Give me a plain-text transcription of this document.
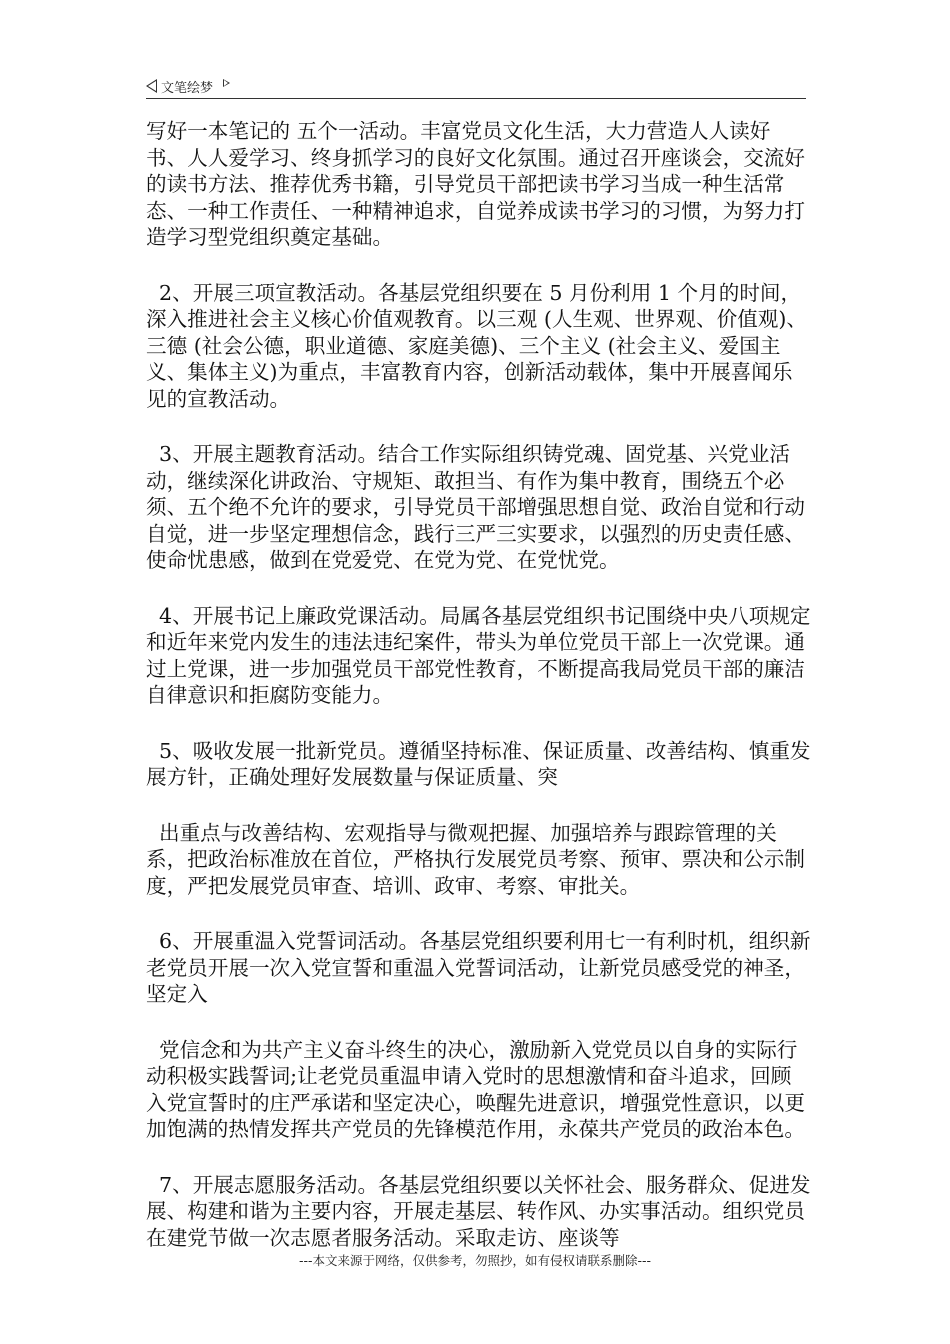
文笔绘梦

写好一本笔记的 五个一活动。丰富党员文化生活，大力营造人人读好书、人人爱学习、终身抓学习的良好文化氛围。通过召开座谈会，交流好的读书方法、推荐优秀书籍，引导党员干部把读书学习当成一种生活常态、一种工作责任、一种精神追求，自觉养成读书学习的习惯，为努力打造学习型党组织奠定基础。

2、开展三项宣教活动。各基层党组织要在 5 月份利用 1 个月的时间，深入推进社会主义核心价值观教育。以三观 (人生观、世界观、价值观)、三德 (社会公德，职业道德、家庭美德)、三个主义 (社会主义、爱国主义、集体主义)为重点，丰富教育内容，创新活动载体，集中开展喜闻乐见的宣教活动。

3、开展主题教育活动。结合工作实际组织铸党魂、固党基、兴党业活动，继续深化讲政治、守规矩、敢担当、有作为集中教育，围绕五个必须、五个绝不允许的要求，引导党员干部增强思想自觉、政治自觉和行动自觉，进一步坚定理想信念，践行三严三实要求，以强烈的历史责任感、使命忧患感，做到在党爱党、在党为党、在党忧党。

4、开展书记上廉政党课活动。局属各基层党组织书记围绕中央八项规定和近年来党内发生的违法违纪案件，带头为单位党员干部上一次党课。通过上党课，进一步加强党员干部党性教育，不断提高我局党员干部的廉洁自律意识和拒腐防变能力。

5、吸收发展一批新党员。遵循坚持标准、保证质量、改善结构、慎重发展方针，正确处理好发展数量与保证质量、突

出重点与改善结构、宏观指导与微观把握、加强培养与跟踪管理的关系，把政治标准放在首位，严格执行发展党员考察、预审、票决和公示制度，严把发展党员审查、培训、政审、考察、审批关。

6、开展重温入党誓词活动。各基层党组织要利用七一有利时机，组织新老党员开展一次入党宣誓和重温入党誓词活动，让新党员感受党的神圣，坚定入

党信念和为共产主义奋斗终生的决心，激励新入党党员以自身的实际行动积极实践誓词;让老党员重温申请入党时的思想激情和奋斗追求，回顾入党宣誓时的庄严承诺和坚定决心，唤醒先进意识，增强党性意识，以更加饱满的热情发挥共产党员的先锋模范作用，永葆共产党员的政治本色。

7、开展志愿服务活动。各基层党组织要以关怀社会、服务群众、促进发展、构建和谐为主要内容，开展走基层、转作风、办实事活动。组织党员在建党节做一次志愿者服务活动。采取走访、座谈等

---本文来源于网络，仅供参考，勿照抄，如有侵权请联系删除---
